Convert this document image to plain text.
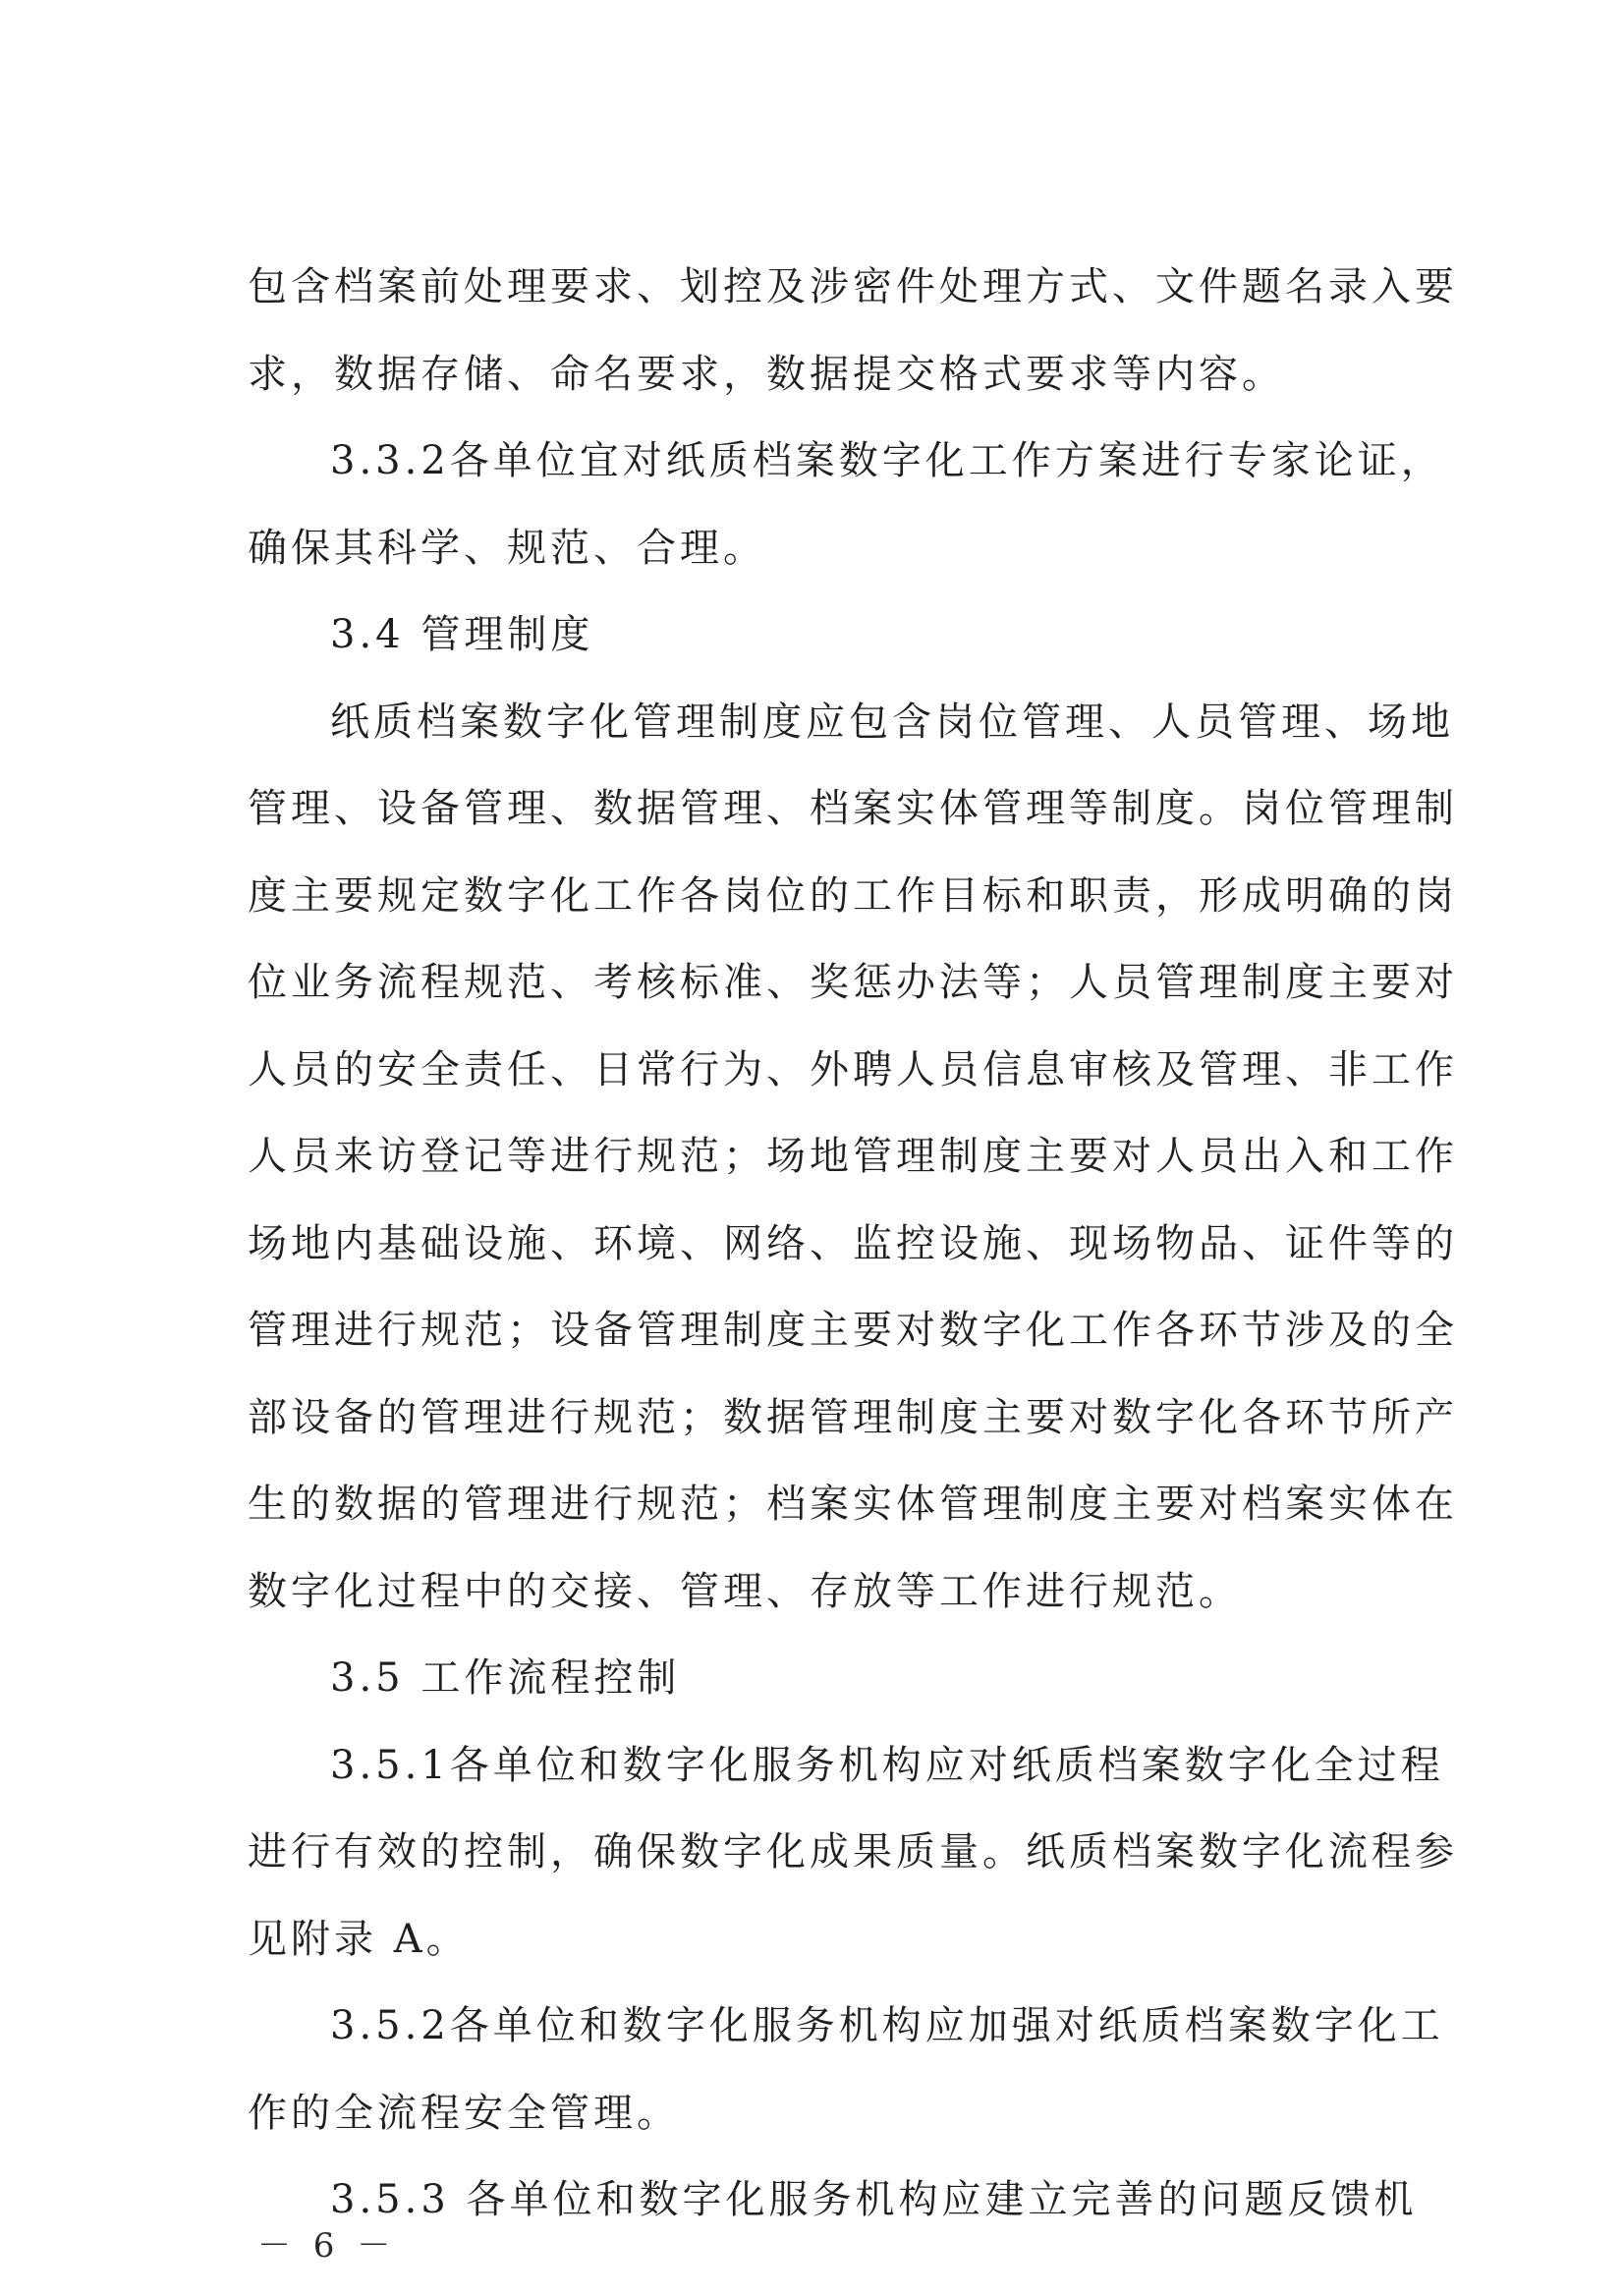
包 含 档 案 前 处 理 要 求 、 划 控 及 涉 密 件 处 理 方 式 、 文 件 题 名 录 入 要
求，数据存储、命名要求，数据提交格式要求等内容。
3 . 3 . 2 各 单 位 宜 对 纸 质 档 案 数 字 化 工 作 方 案 进 行 专 家 论 证 ，
确保其科学、规范、合理。
3.4 管理制度
纸 质 档 案 数 字 化 管 理 制 度 应 包 含 岗 位 管 理 、 人 员 管 理 、 场 地
管 理 、 设 备 管 理 、 数 据 管 理 、 档 案 实 体 管 理 等 制 度 。 岗 位 管 理 制
度 主 要 规 定 数 字 化 工 作 各 岗 位 的 工 作 目 标 和 职 责 ， 形 成 明 确 的 岗
位 业 务 流 程 规 范 、 考 核 标 准 、 奖 惩 办 法 等 ； 人 员 管 理 制 度 主 要 对
人 员 的 安 全 责 任 、 日 常 行 为 、 外 聘 人 员 信 息 审 核 及 管 理 、 非 工 作
人 员 来 访 登 记 等 进 行 规 范 ； 场 地 管 理 制 度 主 要 对 人 员 出 入 和 工 作
场 地 内 基 础 设 施 、 环 境 、 网 络 、 监 控 设 施 、 现 场 物 品 、 证 件 等 的
管 理 进 行 规 范 ； 设 备 管 理 制 度 主 要 对 数 字 化 工 作 各 环 节 涉 及 的 全
部 设 备 的 管 理 进 行 规 范 ； 数 据 管 理 制 度 主 要 对 数 字 化 各 环 节 所 产
生 的 数 据 的 管 理 进 行 规 范 ； 档 案 实 体 管 理 制 度 主 要 对 档 案 实 体 在
数字化过程中的交接、管理、存放等工作进行规范。
3.5 工作流程控制
3 . 5 . 1 各 单 位 和 数 字 化 服 务 机 构 应 对 纸 质 档 案 数 字 化 全 过 程
进 行 有 效 的 控 制 ， 确 保 数 字 化 成 果 质 量 。 纸 质 档 案 数 字 化 流 程 参
见附录 A。
3 . 5 . 2 各 单 位 和 数 字 化 服 务 机 构 应 加 强 对 纸 质 档 案 数 字 化 工
作的全流程安全管理。
3.5.3 各单位和数字化服务机构应建立完善的问题反馈机
－ 6 －
